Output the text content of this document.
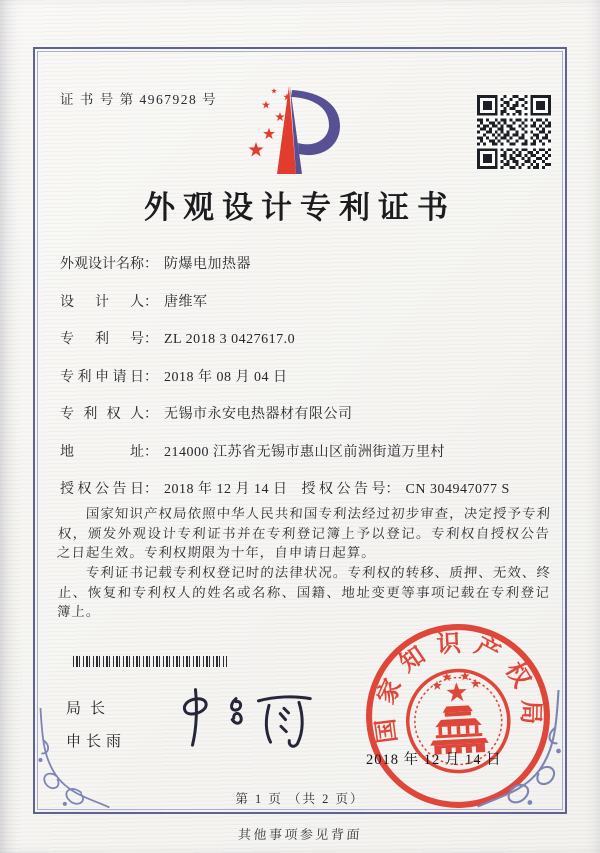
证 书 号 第 4967928 号
外观设计专利证书
外观设计名称： 防爆电加热器
设计人： 唐维军
专利号： ZL 2018 3 0427617.0
专利申请日： 2018 年 08 月 04 日
专利权人： 无锡市永安电热器材有限公司
地址： 214000 江苏省无锡市惠山区前洲街道万里村
授权公告日： 2018 年 12 月 14 日 授权公告号： CN 304947077 S

国家知识产权局依照中华人民共和国专利法经过初步审查，决定授予专利权，颁发外观设计专利证书并在专利登记簿上予以登记。专利权自授权公告之日起生效。专利权期限为十年，自申请日起算。

专利证书记载专利权登记时的法律状况。专利权的转移、质押、无效、终止、恢复和专利权人的姓名或名称、国籍、地址变更等事项记载在专利登记簿上。

局长
申长雨	国家知识产权局
2018 年 12 月 14 日
第 1 页 （共 2 页）
其他事项参见背面
